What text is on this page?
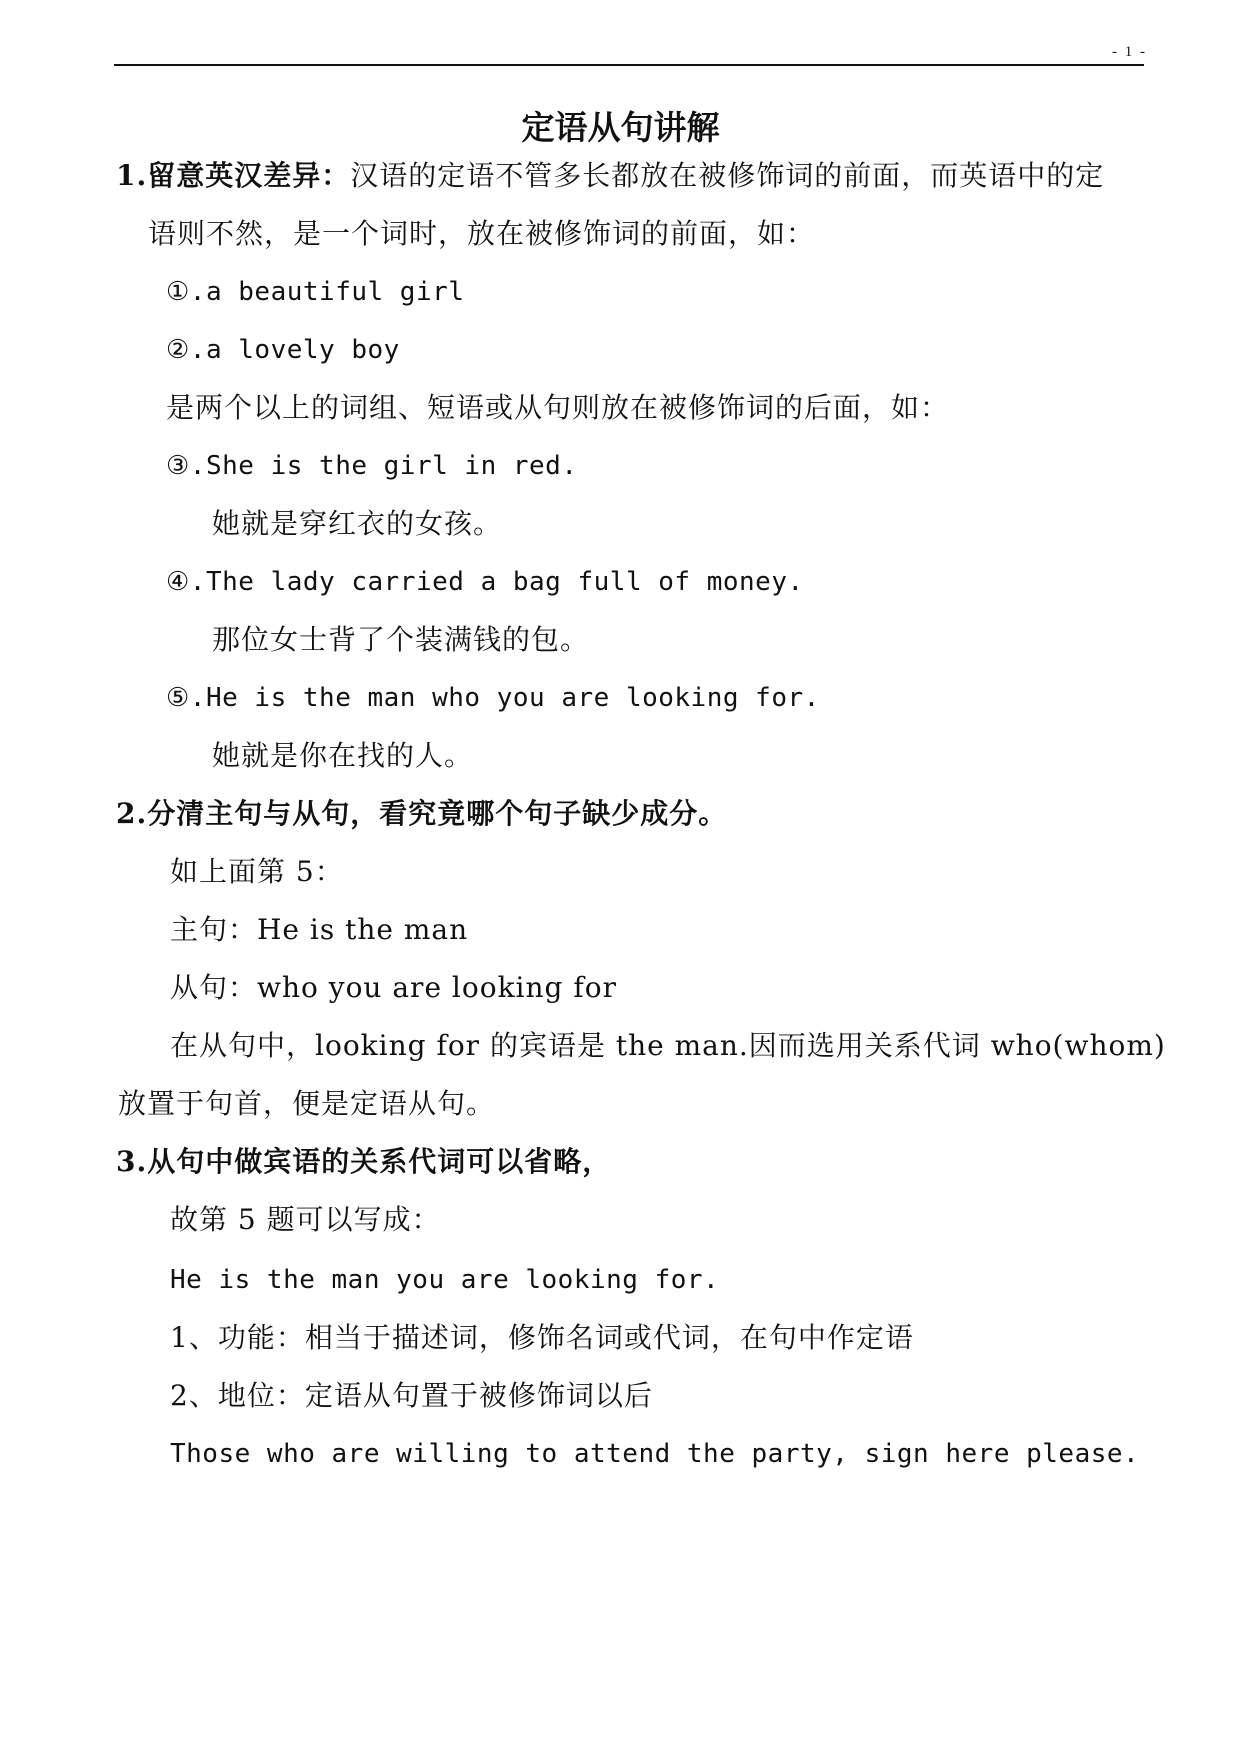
- 1 -
定语从句讲解
1.留意英汉差异：汉语的定语不管多长都放在被修饰词的前面，而英语中的定
语则不然，是一个词时，放在被修饰词的前面，如：
①.a beautiful girl
②.a lovely boy
是两个以上的词组、短语或从句则放在被修饰词的后面，如：
③.She is the girl in red.
她就是穿红衣的女孩。
④.The lady carried a bag full of money.
那位女士背了个装满钱的包。
⑤.He is the man who you are looking for.
她就是你在找的人。
2.分清主句与从句，看究竟哪个句子缺少成分。
如上面第 5：
主句：He is the man
从句：who you are looking for
在从句中，looking for 的宾语是 the man.因而选用关系代词 who(whom)
放置于句首，便是定语从句。
3.从句中做宾语的关系代词可以省略，
故第 5 题可以写成：
He is the man you are looking for.
1、功能：相当于描述词，修饰名词或代词，在句中作定语
2、地位：定语从句置于被修饰词以后
Those who are willing to attend the party, sign here please.
